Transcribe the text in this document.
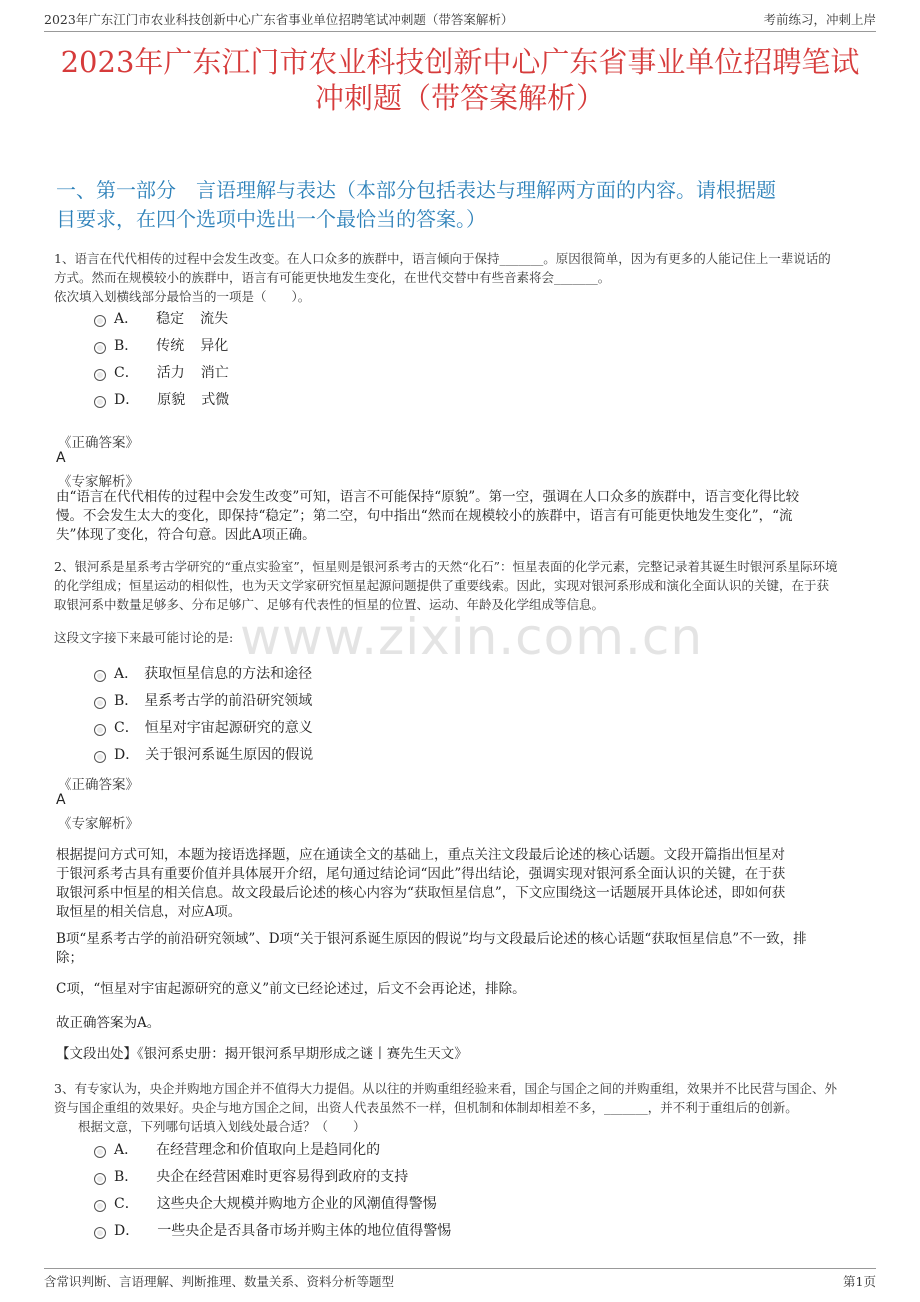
2023年广东江门市农业科技创新中心广东省事业单位招聘笔试冲刺题（带答案解析）	考前练习，冲刺上岸
2023年广东江门市农业科技创新中心广东省事业单位招聘笔试
冲刺题（带答案解析）
一、第一部分　言语理解与表达（本部分包括表达与理解两方面的内容。请根据题
目要求，在四个选项中选出一个最恰当的答案。）
1、语言在代代相传的过程中会发生改变。在人口众多的族群中，语言倾向于保持_______。原因很简单，因为有更多的人能记住上一辈说话的
方式。然而在规模较小的族群中，语言有可能更快地发生变化，在世代交替中有些音素将会_______。
依次填入划横线部分最恰当的一项是（　　）。
A． 稳定 流失
B． 传统 异化
C． 活力 消亡
D． 原貌 式微
《正确答案》
A
《专家解析》
由“语言在代代相传的过程中会发生改变”可知，语言不可能保持“原貌”。第一空，强调在人口众多的族群中，语言变化得比较
慢。不会发生太大的变化，即保持“稳定”；第二空，句中指出“然而在规模较小的族群中，语言有可能更快地发生变化”，“流
失”体现了变化，符合句意。因此A项正确。
2、银河系是星系考古学研究的“重点实验室”，恒星则是银河系考古的天然“化石”：恒星表面的化学元素，完整记录着其诞生时银河系星际环境
的化学组成；恒星运动的相似性，也为天文学家研究恒星起源问题提供了重要线索。因此，实现对银河系形成和演化全面认识的关键，在于获
取银河系中数量足够多、分布足够广、足够有代表性的恒星的位置、运动、年龄及化学组成等信息。
www.zixin.com.cn
这段文字接下来最可能讨论的是:
A． 获取恒星信息的方法和途径
B． 星系考古学的前沿研究领域
C． 恒星对宇宙起源研究的意义
D． 关于银河系诞生原因的假说
《正确答案》
A
《专家解析》
根据提问方式可知，本题为接语选择题，应在通读全文的基础上，重点关注文段最后论述的核心话题。文段开篇指出恒星对
于银河系考古具有重要价值并具体展开介绍，尾句通过结论词“因此”得出结论，强调实现对银河系全面认识的关键，在于获
取银河系中恒星的相关信息。故文段最后论述的核心内容为“获取恒星信息”，下文应围绕这一话题展开具体论述，即如何获
取恒星的相关信息，对应A项。
B项“星系考古学的前沿研究领域”、D项“关于银河系诞生原因的假说”均与文段最后论述的核心话题“获取恒星信息”不一致，排
除；
C项，“恒星对宇宙起源研究的意义”前文已经论述过，后文不会再论述，排除。
故正确答案为A。
【文段出处】《银河系史册：揭开银河系早期形成之谜丨赛先生天文》
3、有专家认为，央企并购地方国企并不值得大力提倡。从以往的并购重组经验来看，国企与国企之间的并购重组，效果并不比民营与国企、外
资与国企重组的效果好。央企与地方国企之间，出资人代表虽然不一样，但机制和体制却相差不多，_______，并不利于重组后的创新。
根据文意，下列哪句话填入划线处最合适？（　　）
A． 在经营理念和价值取向上是趋同化的
B． 央企在经营困难时更容易得到政府的支持
C． 这些央企大规模并购地方企业的风潮值得警惕
D． 一些央企是否具备市场并购主体的地位值得警惕
含常识判断、言语理解、判断推理、数量关系、资料分析等题型	第1页
